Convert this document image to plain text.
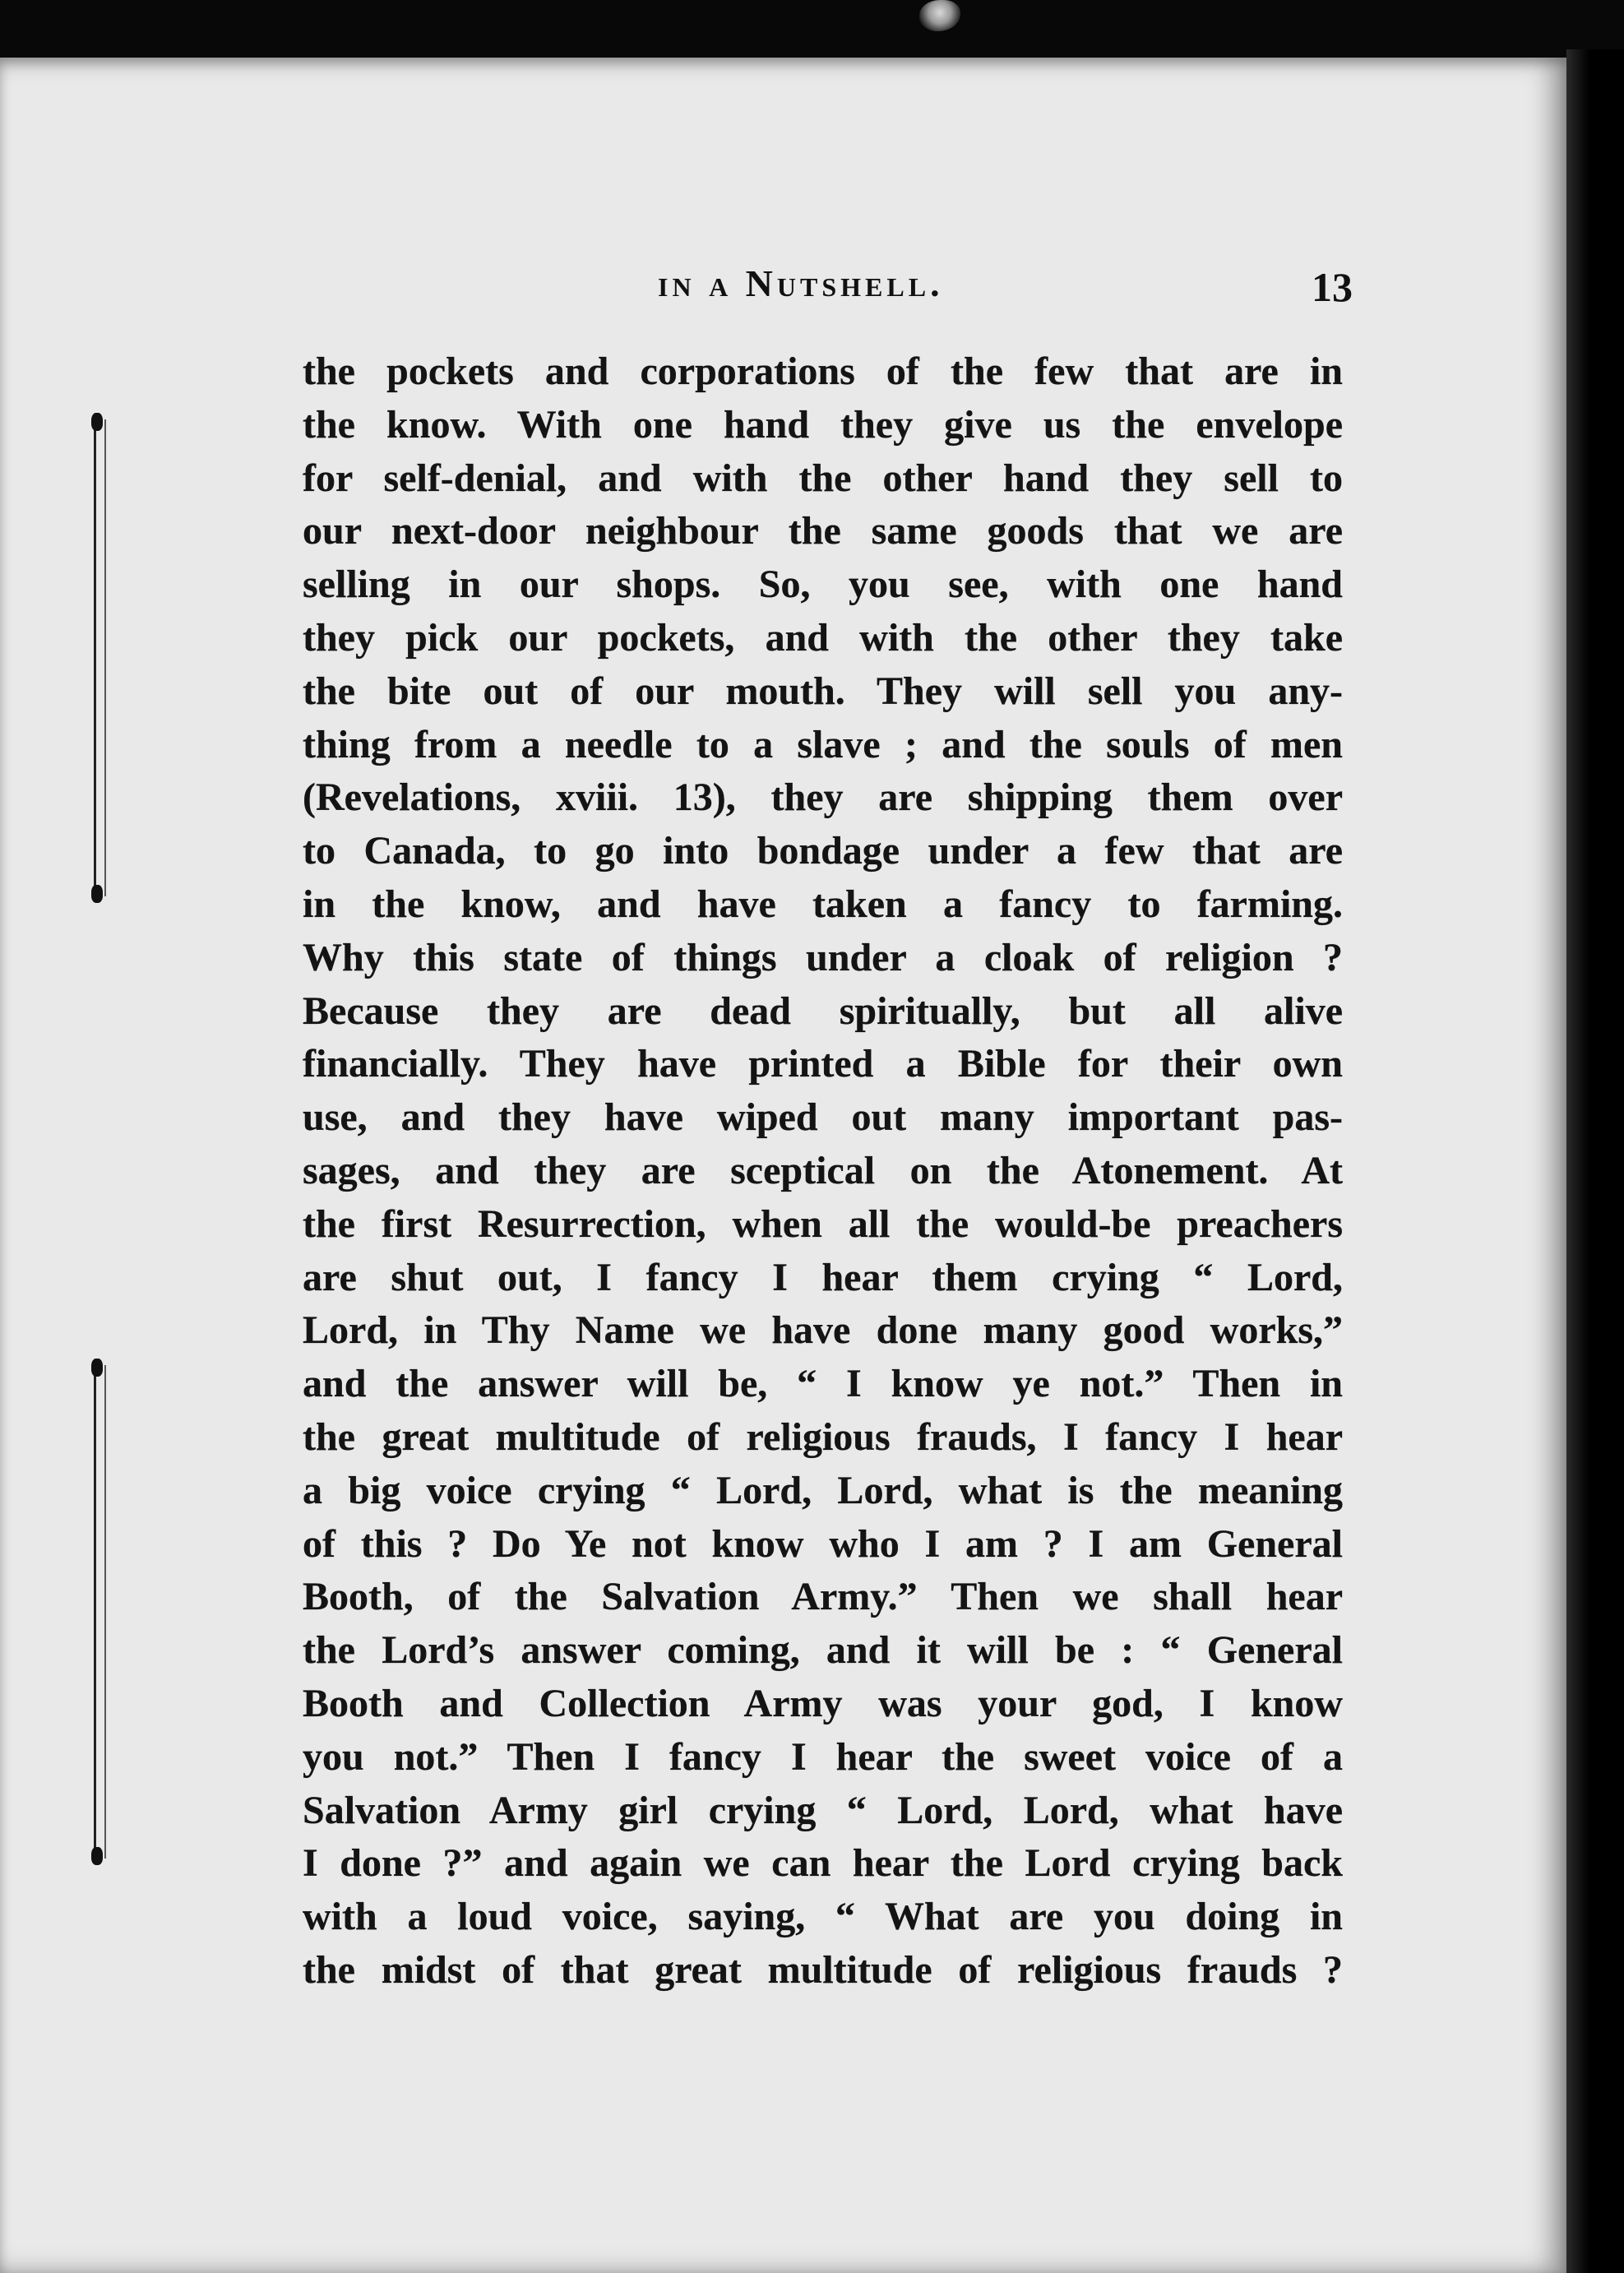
in a Nutshell.	13
the pockets and corporations of the few that are in
the know. With one hand they give us the envelope
for self-denial, and with the other hand they sell to
our next-door neighbour the same goods that we are
selling in our shops. So, you see, with one hand
they pick our pockets, and with the other they take
the bite out of our mouth. They will sell you any-
thing from a needle to a slave ; and the souls of men
(Revelations, xviii. 13), they are shipping them over
to Canada, to go into bondage under a few that are
in the know, and have taken a fancy to farming.
Why this state of things under a cloak of religion ?
Because they are dead spiritually, but all alive
financially. They have printed a Bible for their own
use, and they have wiped out many important pas-
sages, and they are sceptical on the Atonement. At
the first Resurrection, when all the would-be preachers
are shut out, I fancy I hear them crying “ Lord,
Lord, in Thy Name we have done many good works,”
and the answer will be, “ I know ye not.” Then in
the great multitude of religious frauds, I fancy I hear
a big voice crying “ Lord, Lord, what is the meaning
of this ? Do Ye not know who I am ? I am General
Booth, of the Salvation Army.” Then we shall hear
the Lord’s answer coming, and it will be : “ General
Booth and Collection Army was your god, I know
you not.” Then I fancy I hear the sweet voice of a
Salvation Army girl crying “ Lord, Lord, what have
I done ?” and again we can hear the Lord crying back
with a loud voice, saying, “ What are you doing in
the midst of that great multitude of religious frauds ?
